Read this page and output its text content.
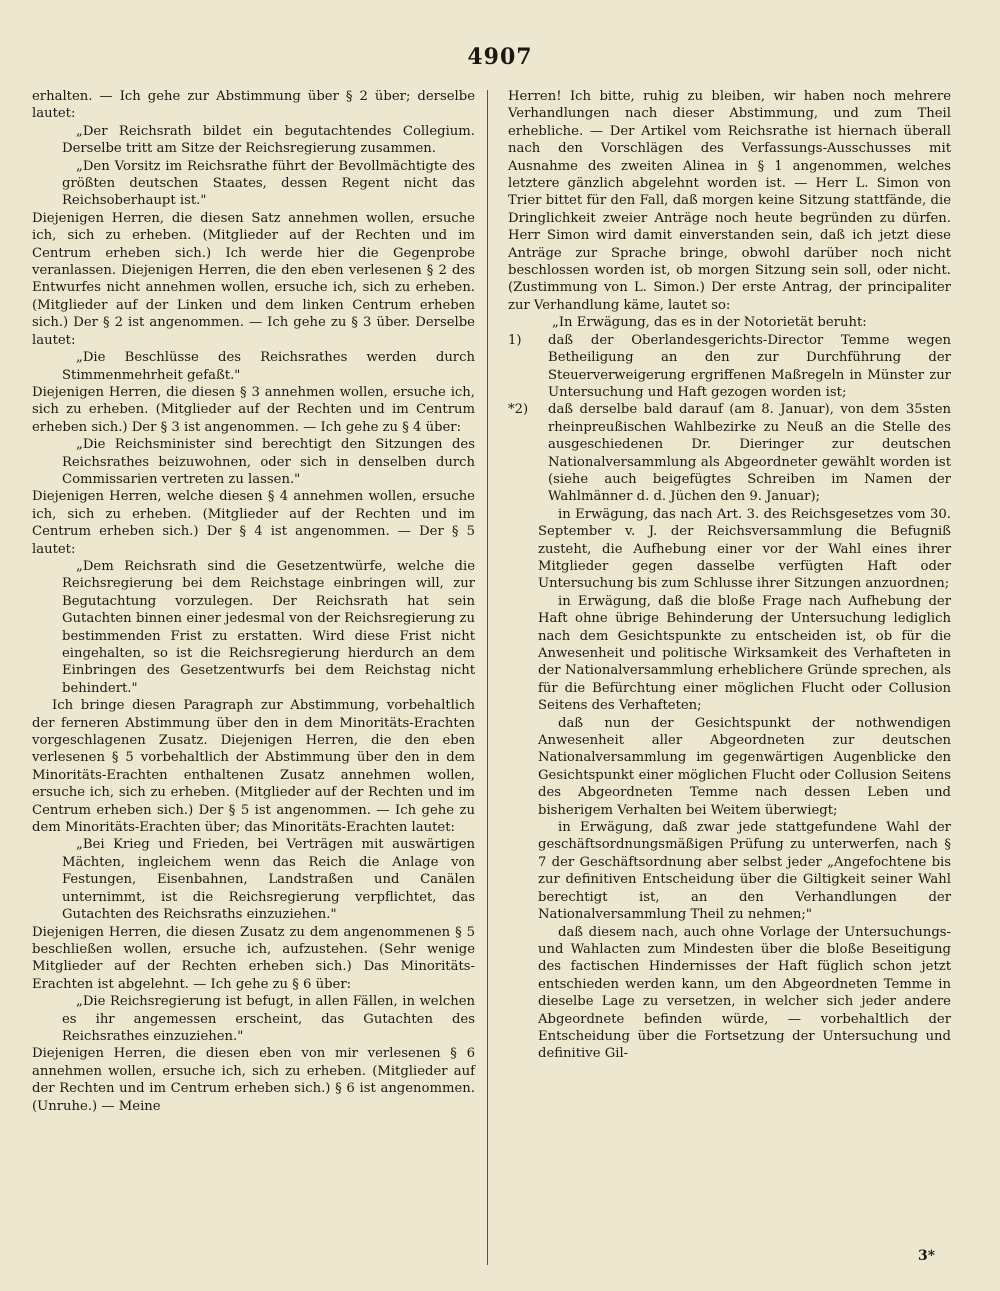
4907

erhalten. — Ich gehe zur Abstimmung über § 2 über; derselbe lautet:

„Der Reichsrath bildet ein begutachtendes Collegium. Derselbe tritt am Sitze der Reichsregierung zusammen.

„Den Vorsitz im Reichsrathe führt der Bevollmächtigte des größten deutschen Staates, dessen Regent nicht das Reichsoberhaupt ist."

Diejenigen Herren, die diesen Satz annehmen wollen, ersuche ich, sich zu erheben. (Mitglieder auf der Rechten und im Centrum erheben sich.) Ich werde hier die Gegenprobe veranlassen. Diejenigen Herren, die den eben verlesenen § 2 des Entwurfes nicht annehmen wollen, ersuche ich, sich zu erheben. (Mitglieder auf der Linken und dem linken Centrum erheben sich.) Der § 2 ist angenommen. — Ich gehe zu § 3 über. Derselbe lautet:

„Die Beschlüsse des Reichsrathes werden durch Stimmenmehrheit gefaßt."

Diejenigen Herren, die diesen § 3 annehmen wollen, ersuche ich, sich zu erheben. (Mitglieder auf der Rechten und im Centrum erheben sich.) Der § 3 ist angenommen. — Ich gehe zu § 4 über:

„Die Reichsminister sind berechtigt den Sitzungen des Reichsrathes beizuwohnen, oder sich in denselben durch Commissarien vertreten zu lassen."

Diejenigen Herren, welche diesen § 4 annehmen wollen, ersuche ich, sich zu erheben. (Mitglieder auf der Rechten und im Centrum erheben sich.) Der § 4 ist angenommen. — Der § 5 lautet:

„Dem Reichsrath sind die Gesetzentwürfe, welche die Reichsregierung bei dem Reichstage einbringen will, zur Begutachtung vorzulegen. Der Reichsrath hat sein Gutachten binnen einer jedesmal von der Reichsregierung zu bestimmenden Frist zu erstatten. Wird diese Frist nicht eingehalten, so ist die Reichsregierung hierdurch an dem Einbringen des Gesetzentwurfs bei dem Reichstag nicht behindert."

Ich bringe diesen Paragraph zur Abstimmung, vorbehaltlich der ferneren Abstimmung über den in dem Minoritäts-Erachten vorgeschlagenen Zusatz. Diejenigen Herren, die den eben verlesenen § 5 vorbehaltlich der Abstimmung über den in dem Minoritäts-Erachten enthaltenen Zusatz annehmen wollen, ersuche ich, sich zu erheben. (Mitglieder auf der Rechten und im Centrum erheben sich.) Der § 5 ist angenommen. — Ich gehe zu dem Minoritäts-Erachten über; das Minoritäts-Erachten lautet:

„Bei Krieg und Frieden, bei Verträgen mit auswärtigen Mächten, ingleichem wenn das Reich die Anlage von Festungen, Eisenbahnen, Landstraßen und Canälen unternimmt, ist die Reichsregierung verpflichtet, das Gutachten des Reichsraths einzuziehen."

Diejenigen Herren, die diesen Zusatz zu dem angenommenen § 5 beschließen wollen, ersuche ich, aufzustehen. (Sehr wenige Mitglieder auf der Rechten erheben sich.) Das Minoritäts-Erachten ist abgelehnt. — Ich gehe zu § 6 über:

„Die Reichsregierung ist befugt, in allen Fällen, in welchen es ihr angemessen erscheint, das Gutachten des Reichsrathes einzuziehen."

Diejenigen Herren, die diesen eben von mir verlesenen § 6 annehmen wollen, ersuche ich, sich zu erheben. (Mitglieder auf der Rechten und im Centrum erheben sich.) § 6 ist angenommen. (Unruhe.) — Meine

Herren! Ich bitte, ruhig zu bleiben, wir haben noch mehrere Verhandlungen nach dieser Abstimmung, und zum Theil erhebliche. — Der Artikel vom Reichsrathe ist hiernach überall nach den Vorschlägen des Verfassungs-Ausschusses mit Ausnahme des zweiten Alinea in § 1 angenommen, welches letztere gänzlich abgelehnt worden ist. — Herr L. Simon von Trier bittet für den Fall, daß morgen keine Sitzung stattfände, die Dringlichkeit zweier Anträge noch heute begründen zu dürfen. Herr Simon wird damit einverstanden sein, daß ich jetzt diese Anträge zur Sprache bringe, obwohl darüber noch nicht beschlossen worden ist, ob morgen Sitzung sein soll, oder nicht. (Zustimmung von L. Simon.) Der erste Antrag, der principaliter zur Verhandlung käme, lautet so:

„In Erwägung, das es in der Notorietät beruht:

1)	daß der Oberlandesgerichts-Director Temme wegen Betheiligung an den zur Durchführung der Steuerverweigerung ergriffenen Maßregeln in Münster zur Untersuchung und Haft gezogen worden ist;
*2)	daß derselbe bald darauf (am 8. Januar), von dem 35sten rheinpreußischen Wahlbezirke zu Neuß an die Stelle des ausgeschiedenen Dr. Dieringer zur deutschen Nationalversammlung als Abgeordneter gewählt worden ist (siehe auch beigefügtes Schreiben im Namen der Wahlmänner d. d. Jüchen den 9. Januar);

in Erwägung, das nach Art. 3. des Reichsgesetzes vom 30. September v. J. der Reichsversammlung die Befugniß zusteht, die Aufhebung einer vor der Wahl eines ihrer Mitglieder gegen dasselbe verfügten Haft oder Untersuchung bis zum Schlusse ihrer Sitzungen anzuordnen;

in Erwägung, daß die bloße Frage nach Aufhebung der Haft ohne übrige Behinderung der Untersuchung lediglich nach dem Gesichtspunkte zu entscheiden ist, ob für die Anwesenheit und politische Wirksamkeit des Verhafteten in der Nationalversammlung erheblichere Gründe sprechen, als für die Befürchtung einer möglichen Flucht oder Collusion Seitens des Verhafteten;

daß nun der Gesichtspunkt der nothwendigen Anwesenheit aller Abgeordneten zur deutschen Nationalversammlung im gegenwärtigen Augenblicke den Gesichtspunkt einer möglichen Flucht oder Collusion Seitens des Abgeordneten Temme nach dessen Leben und bisherigem Verhalten bei Weitem überwiegt;

in Erwägung, daß zwar jede stattgefundene Wahl der geschäftsordnungsmäßigen Prüfung zu unterwerfen, nach § 7 der Geschäftsordnung aber selbst jeder „Angefochtene bis zur definitiven Entscheidung über die Giltigkeit seiner Wahl berechtigt ist, an den Verhandlungen der Nationalversammlung Theil zu nehmen;"

daß diesem nach, auch ohne Vorlage der Untersuchungs- und Wahlacten zum Mindesten über die bloße Beseitigung des factischen Hindernisses der Haft füglich schon jetzt entschieden werden kann, um den Abgeordneten Temme in dieselbe Lage zu versetzen, in welcher sich jeder andere Abgeordnete befinden würde, — vorbehaltlich der Entscheidung über die Fortsetzung der Untersuchung und definitive Gil-

3*
